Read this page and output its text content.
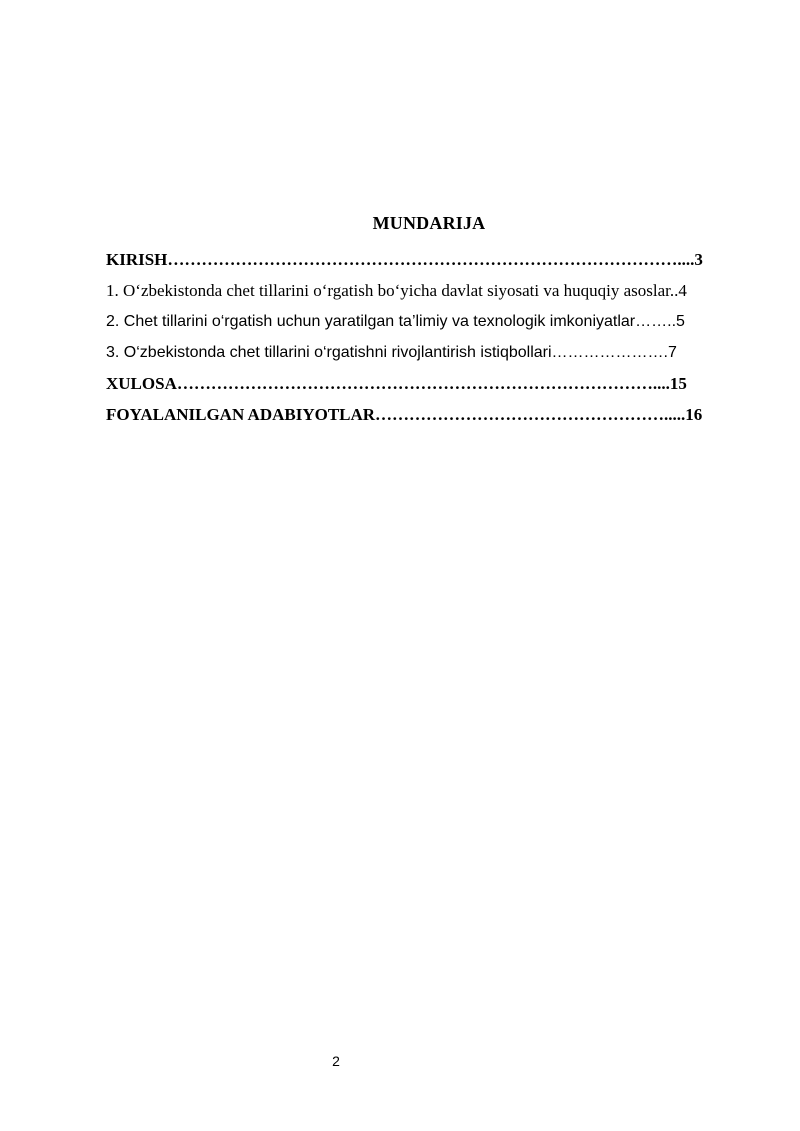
MUNDARIJA
KIRISH………………………………………………………………………………....3
1. O‘zbekistonda chet tillarini o‘rgatish bo‘yicha davlat siyosati va huquqiy asoslar..4
2. Chet tillarini o‘rgatish uchun yaratilgan ta’limiy va texnologik imkoniyatlar……..5
3. O‘zbekistonda chet tillarini o‘rgatishni rivojlantirish istiqbollari………………….7
XULOSA…………………………………………………………………………....15
FOYALANILGAN ADABIYOTLAR…………………………………………….....16
2
